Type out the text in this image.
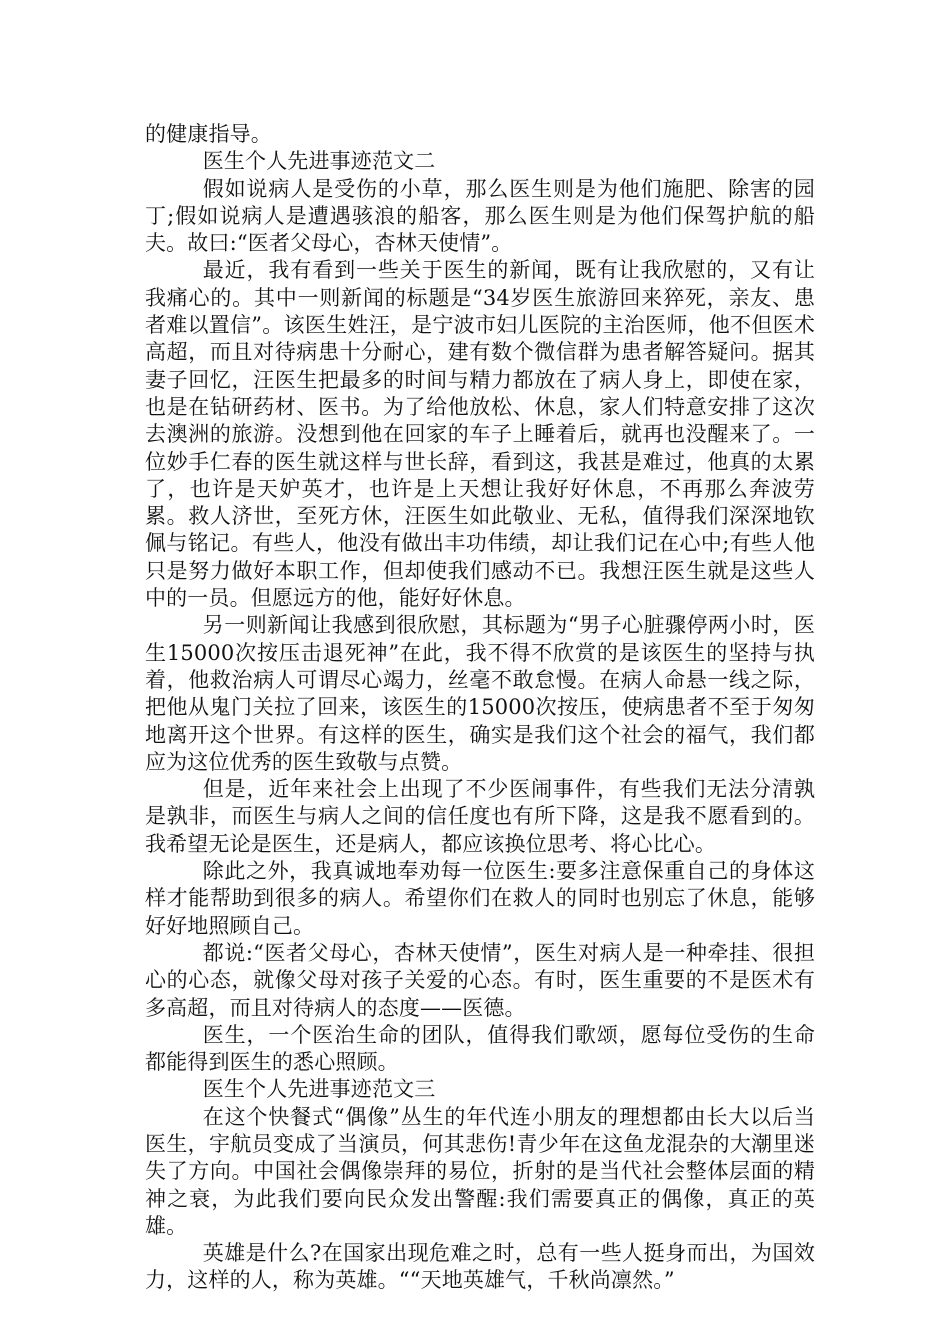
的健康指导。

医生个人先进事迹范文二

假如说病人是受伤的小草，那么医生则是为他们施肥、除害的园丁;假如说病人是遭遇骇浪的船客，那么医生则是为他们保驾护航的船夫。故曰:“医者父母心，杏林天使情”。

最近，我有看到一些关于医生的新闻，既有让我欣慰的，又有让我痛心的。其中一则新闻的标题是“34岁医生旅游回来猝死，亲友、患者难以置信”。该医生姓汪，是宁波市妇儿医院的主治医师，他不但医术高超，而且对待病患十分耐心，建有数个微信群为患者解答疑问。据其妻子回忆，汪医生把最多的时间与精力都放在了病人身上，即使在家，也是在钻研药材、医书。为了给他放松、休息，家人们特意安排了这次去澳洲的旅游。没想到他在回家的车子上睡着后，就再也没醒来了。一位妙手仁春的医生就这样与世长辞，看到这，我甚是难过，他真的太累了，也许是天妒英才，也许是上天想让我好好休息，不再那么奔波劳累。救人济世，至死方休，汪医生如此敬业、无私，值得我们深深地钦佩与铭记。有些人，他没有做出丰功伟绩，却让我们记在心中;有些人他只是努力做好本职工作，但却使我们感动不已。我想汪医生就是这些人中的一员。但愿远方的他，能好好休息。

另一则新闻让我感到很欣慰，其标题为“男子心脏骤停两小时，医生15000次按压击退死神”在此，我不得不欣赏的是该医生的坚持与执着，他救治病人可谓尽心竭力，丝毫不敢怠慢。在病人命悬一线之际，把他从鬼门关拉了回来，该医生的15000次按压，使病患者不至于匆匆地离开这个世界。有这样的医生，确实是我们这个社会的福气，我们都应为这位优秀的医生致敬与点赞。

但是，近年来社会上出现了不少医闹事件，有些我们无法分清孰是孰非，而医生与病人之间的信任度也有所下降，这是我不愿看到的。我希望无论是医生，还是病人，都应该换位思考、将心比心。

除此之外，我真诚地奉劝每一位医生:要多注意保重自己的身体这样才能帮助到很多的病人。希望你们在救人的同时也别忘了休息，能够好好地照顾自己。

都说:“医者父母心，杏林天使情”，医生对病人是一种牵挂、很担心的心态，就像父母对孩子关爱的心态。有时，医生重要的不是医术有多高超，而且对待病人的态度——医德。

医生，一个医治生命的团队，值得我们歌颂，愿每位受伤的生命都能得到医生的悉心照顾。

医生个人先进事迹范文三

在这个快餐式“偶像”丛生的年代连小朋友的理想都由长大以后当医生，宇航员变成了当演员，何其悲伤!青少年在这鱼龙混杂的大潮里迷失了方向。中国社会偶像崇拜的易位，折射的是当代社会整体层面的精神之衰，为此我们要向民众发出警醒:我们需要真正的偶像，真正的英雄。

英雄是什么?在国家出现危难之时，总有一些人挺身而出，为国效力，这样的人，称为英雄。““天地英雄气，千秋尚凛然。”
